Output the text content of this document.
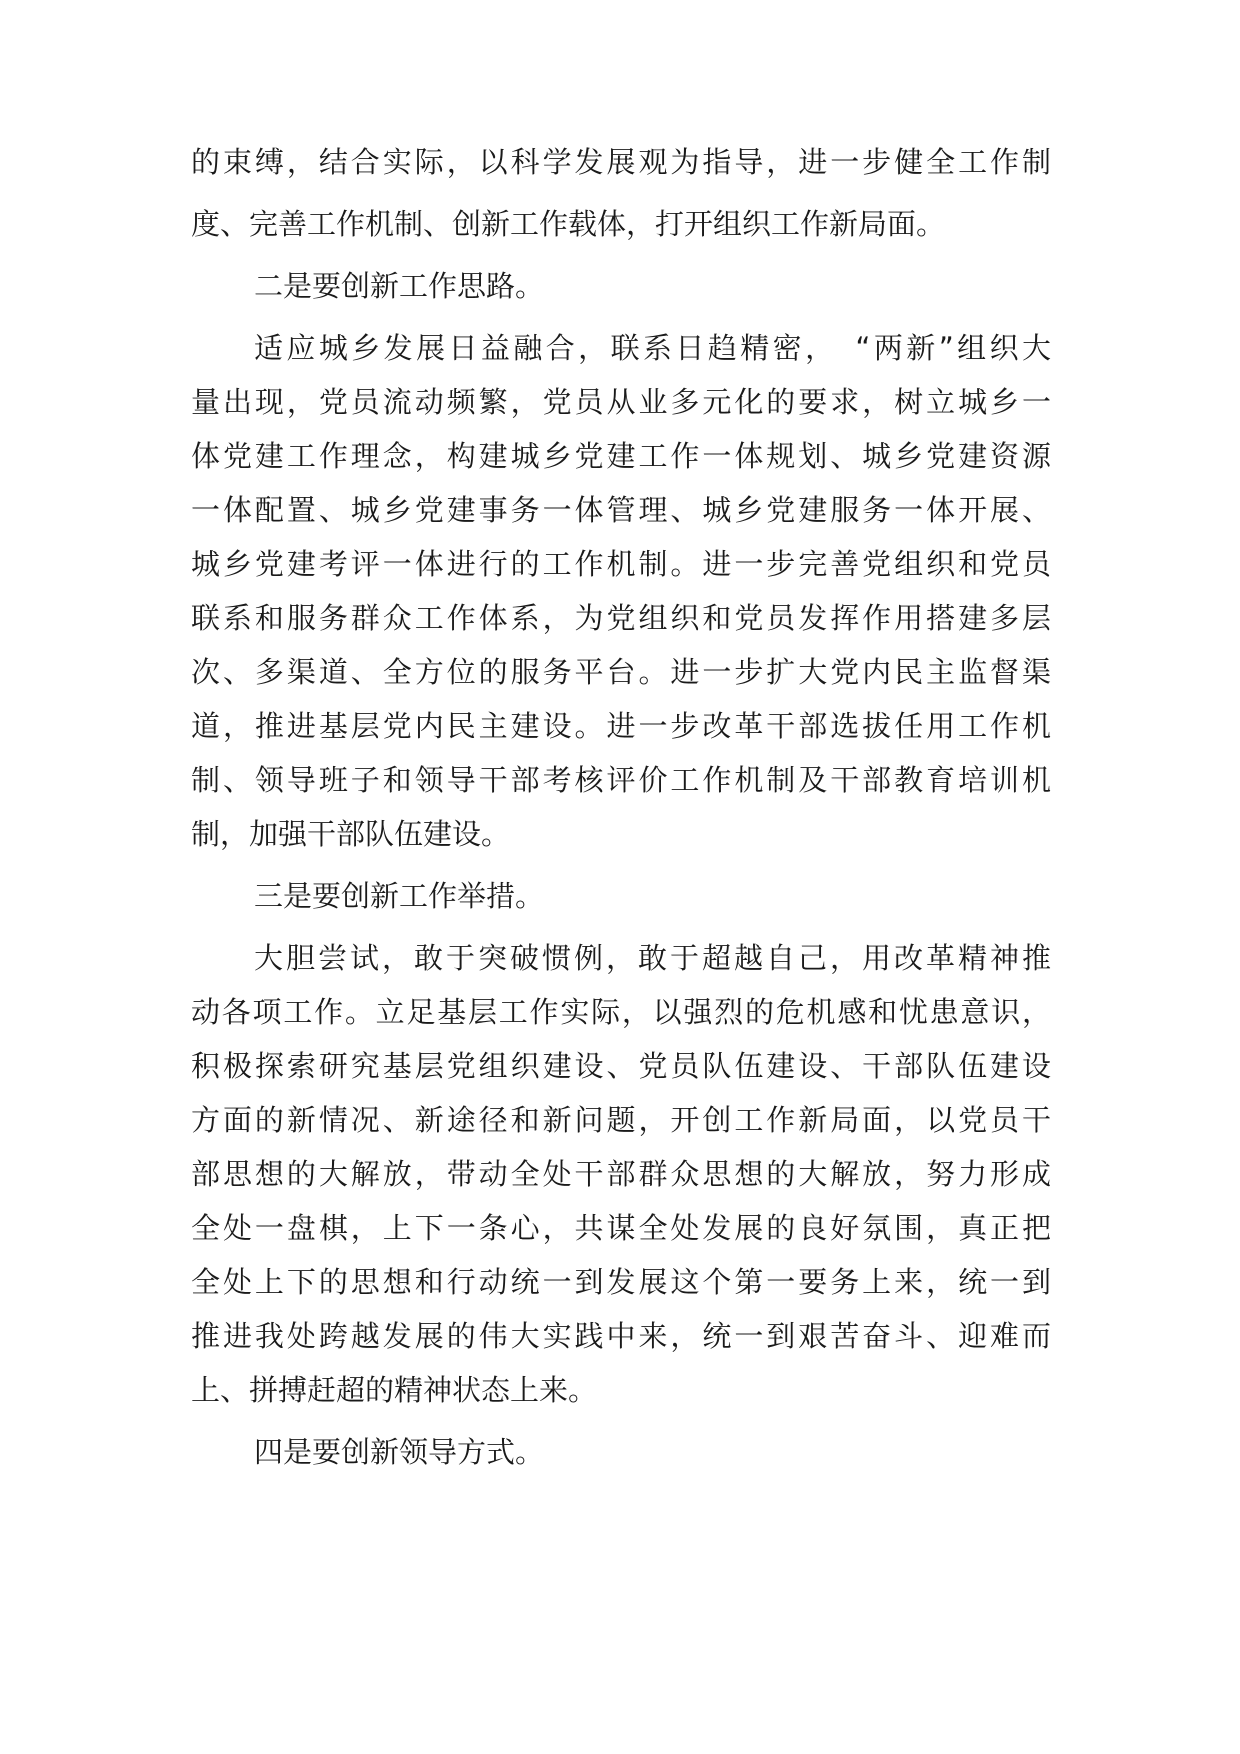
的束缚，结合实际，以科学发展观为指导，进一步健全工作制
度、完善工作机制、创新工作载体，打开组织工作新局面。
二是要创新工作思路。
适应城乡发展日益融合，联系日趋精密，　“两新”组织大
量出现，党员流动频繁，党员从业多元化的要求，树立城乡一
体党建工作理念，构建城乡党建工作一体规划、城乡党建资源
一体配置、城乡党建事务一体管理、城乡党建服务一体开展、
城乡党建考评一体进行的工作机制。进一步完善党组织和党员
联系和服务群众工作体系，为党组织和党员发挥作用搭建多层
次、多渠道、全方位的服务平台。进一步扩大党内民主监督渠
道，推进基层党内民主建设。进一步改革干部选拔任用工作机
制、领导班子和领导干部考核评价工作机制及干部教育培训机
制，加强干部队伍建设。
三是要创新工作举措。
大胆尝试，敢于突破惯例，敢于超越自己，用改革精神推
动各项工作。立足基层工作实际，以强烈的危机感和忧患意识，
积极探索研究基层党组织建设、党员队伍建设、干部队伍建设
方面的新情况、新途径和新问题，开创工作新局面，以党员干
部思想的大解放，带动全处干部群众思想的大解放，努力形成
全处一盘棋，上下一条心，共谋全处发展的良好氛围，真正把
全处上下的思想和行动统一到发展这个第一要务上来，统一到
推进我处跨越发展的伟大实践中来，统一到艰苦奋斗、迎难而
上、拼搏赶超的精神状态上来。
四是要创新领导方式。
